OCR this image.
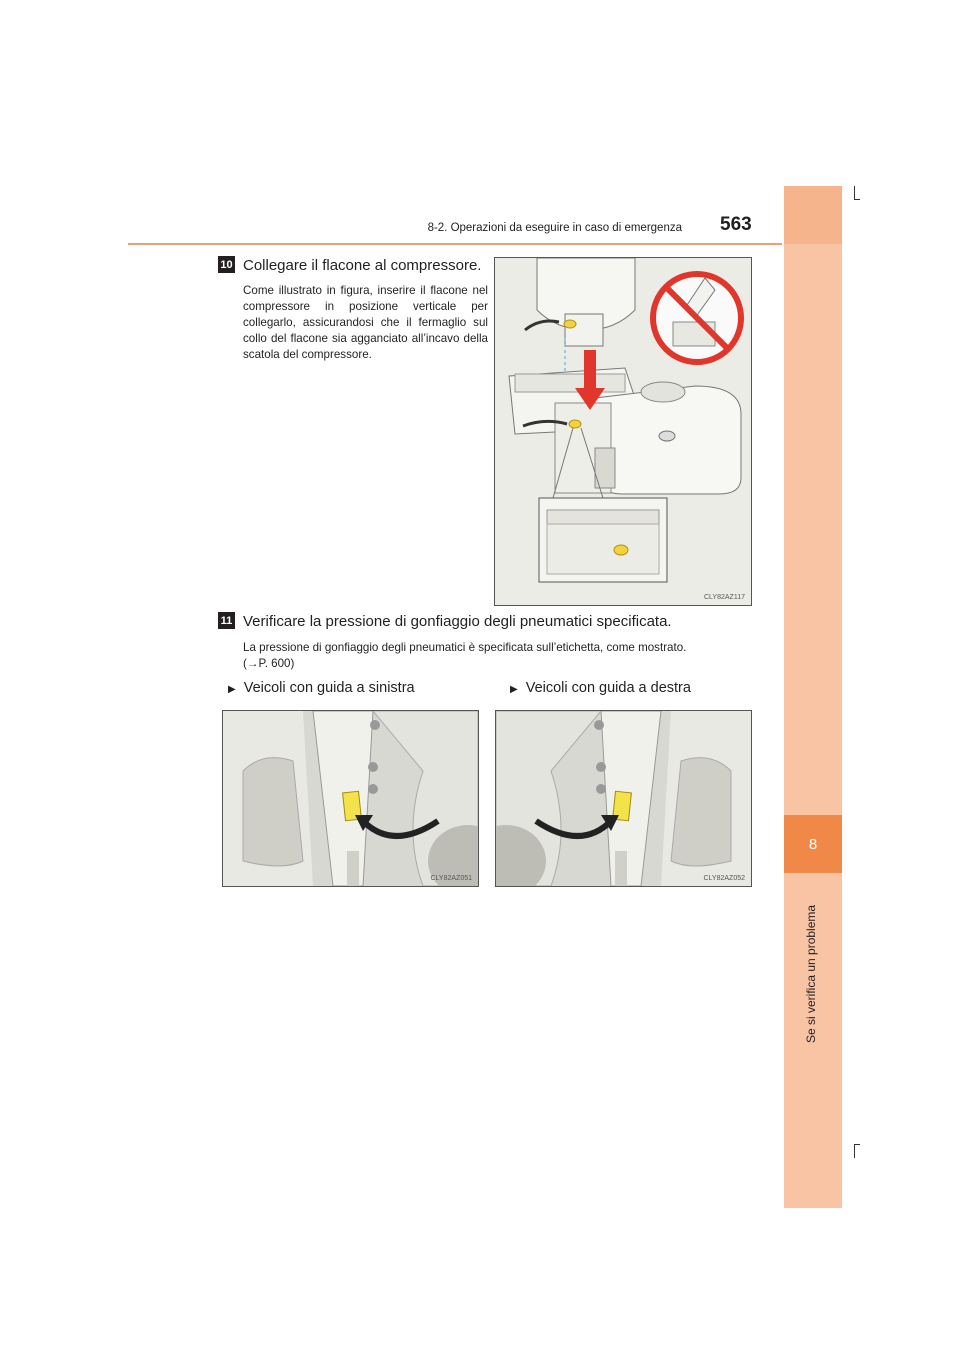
8-2. Operazioni da eseguire in caso di emergenza 563
8
Se si verifica un problema
10 Collegare il flacone al compressore.
Come illustrato in figura, inserire il flacone nel compressore in posizione verticale per collegarlo, assicurandosi che il fermaglio sul collo del flacone sia agganciato all’incavo della scatola del compressore.
CLY82AZ117
11 Verificare la pressione di gonfiaggio degli pneumatici specificata.
La pressione di gonfiaggio degli pneumatici è specificata sull’etichetta, come mostrato.
(→P. 600)
▶ Veicoli con guida a sinistra	▶ Veicoli con guida a destra
CLY82AZ051	CLY82AZ052
